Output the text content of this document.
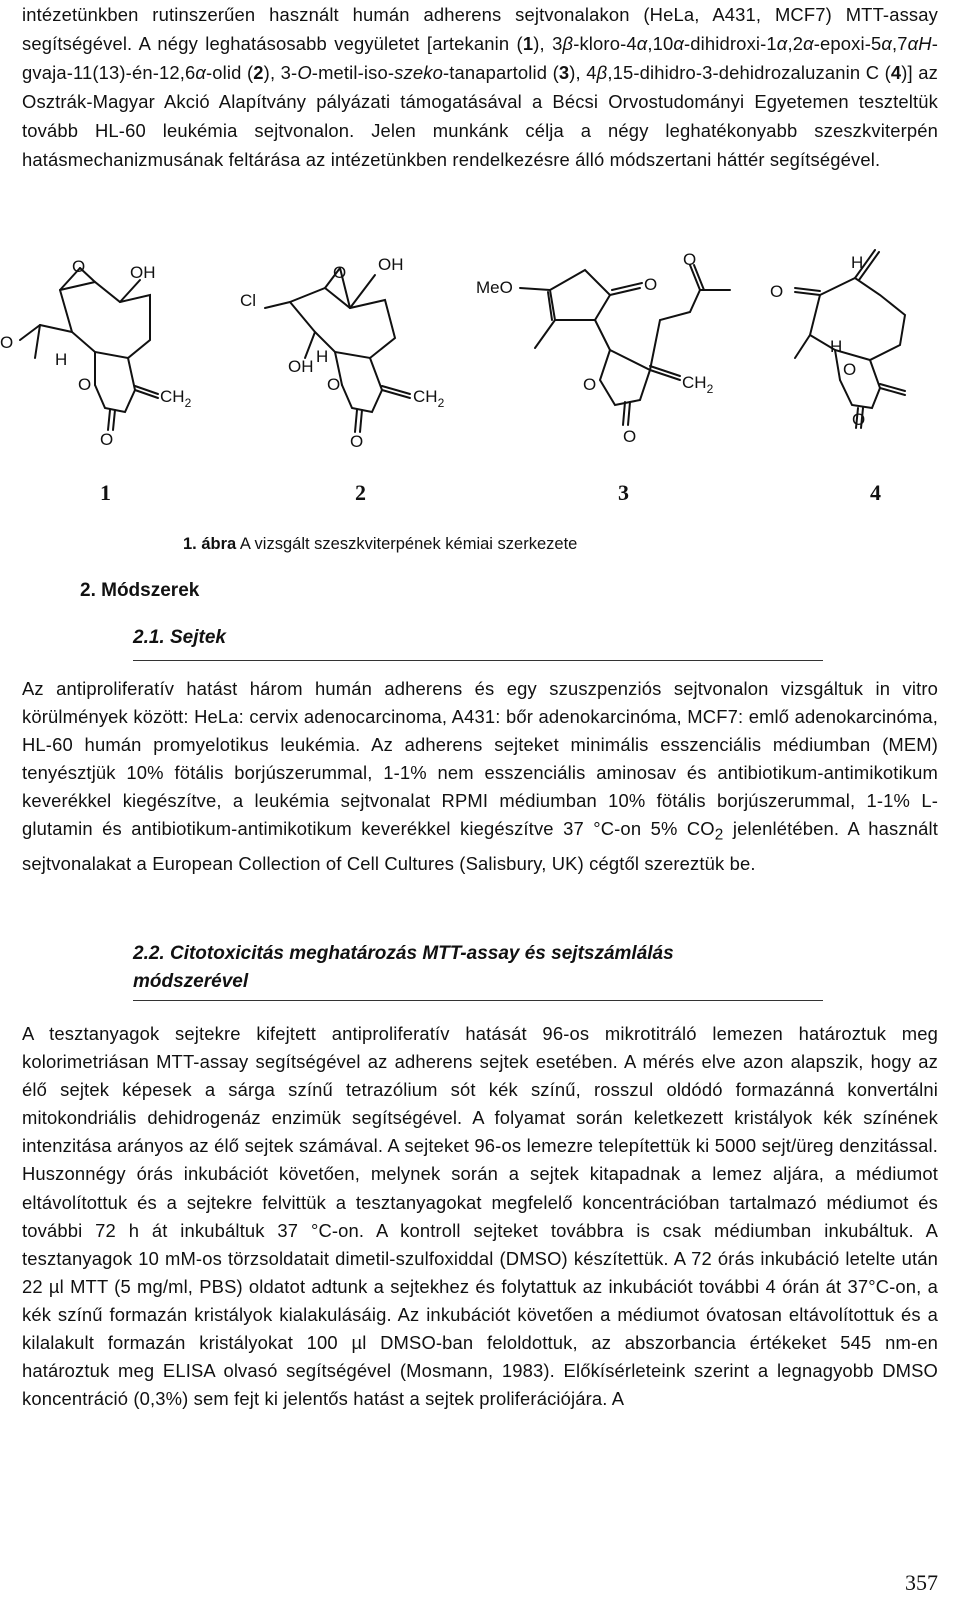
intézetünkben rutinszerűen használt humán adherens sejtvonalakon (HeLa, A431, MCF7) MTT-assay segítségével. A négy leghatásosabb vegyületet [artekanin (1), 3β-kloro-4α,10α-dihidroxi-1α,2α-epoxi-5α,7αH-gvaja-11(13)-én-12,6α-olid (2), 3-O-metil-iso-szeko-tanapartolid (3), 4β,15-dihidro-3-dehidrozaluzanin C (4)] az Osztrák-Magyar Akció Alapítvány pályázati támogatásával a Bécsi Orvostudományi Egyetemen teszteltük tovább HL-60 leukémia sejtvonalon. Jelen munkánk célja a négy leghatékonyabb szeszkviterpén hatásmechanizmusának feltárása az intézetünkben rendelkezésre álló módszertani háttér segítségével.

O	OH
O
H
O
$CH_2$
O
Cl
O OH
OH
H
O
$CH_2$
O
MeO	O
O
O	$CH_2$
O
O
H
H
O
O
1	2	3	4

1. ábra A vizsgált szeszkviterpének kémiai szerkezete

2. Módszerek
2.1. Sejtek

Az antiproliferatív hatást három humán adherens és egy szuszpenziós sejtvonalon vizsgáltuk in vitro körülmények között: HeLa: cervix adenocarcinoma, A431: bőr adenokarcinóma, MCF7: emlő adenokarcinóma, HL-60 humán promyelotikus leukémia. Az adherens sejteket minimális esszenciális médiumban (MEM) tenyésztjük 10% fötális borjúszerummal, 1-1% nem esszenciális aminosav és antibiotikum-antimikotikum keverékkel kiegészítve, a leukémia sejtvonalat RPMI médiumban 10% fötális borjúszerummal, 1-1% L-glutamin és antibiotikum-antimikotikum keverékkel kiegészítve 37 °C-on 5% $CO_2$ jelenlétében. A használt sejtvonalakat a European Collection of Cell Cultures (Salisbury, UK) cégtől szereztük be.

2.2. Citotoxicitás meghatározás MTT-assay és sejtszámlálás
módszerével

A tesztanyagok sejtekre kifejtett antiproliferatív hatását 96-os mikrotitráló lemezen határoztuk meg kolorimetriásan MTT-assay segítségével az adherens sejtek esetében. A mérés elve azon alapszik, hogy az élő sejtek képesek a sárga színű tetrazólium sót kék színű, rosszul oldódó formazánná konvertálni mitokondriális dehidrogenáz enzimük segítségével. A folyamat során keletkezett kristályok kék színének intenzitása arányos az élő sejtek számával. A sejteket 96-os lemezre telepítettük ki 5000 sejt/üreg denzitással. Huszonnégy órás inkubációt követően, melynek során a sejtek kitapadnak a lemez aljára, a médiumot eltávolítottuk és a sejtekre felvittük a tesztanyagokat megfelelő koncentrációban tartalmazó médiumot és további 72 h át inkubáltuk 37 °C-on. A kontroll sejteket továbbra is csak médiumban inkubáltuk. A tesztanyagok 10 mM-os törzsoldatait dimetil-szulfoxiddal (DMSO) készítettük. A 72 órás inkubáció letelte után 22 µl MTT (5 mg/ml, PBS) oldatot adtunk a sejtekhez és folytattuk az inkubációt további 4 órán át 37°C-on, a kék színű formazán kristályok kialakulásáig. Az inkubációt követően a médiumot óvatosan eltávolítottuk és a kilalakult formazán kristályokat 100 µl DMSO-ban feloldottuk, az abszorbancia értékeket 545 nm-en határoztuk meg ELISA olvasó segítségével (Mosmann, 1983). Előkísérleteink szerint a legnagyobb DMSO koncentráció (0,3%) sem fejt ki jelentős hatást a sejtek proliferációjára. A

357
